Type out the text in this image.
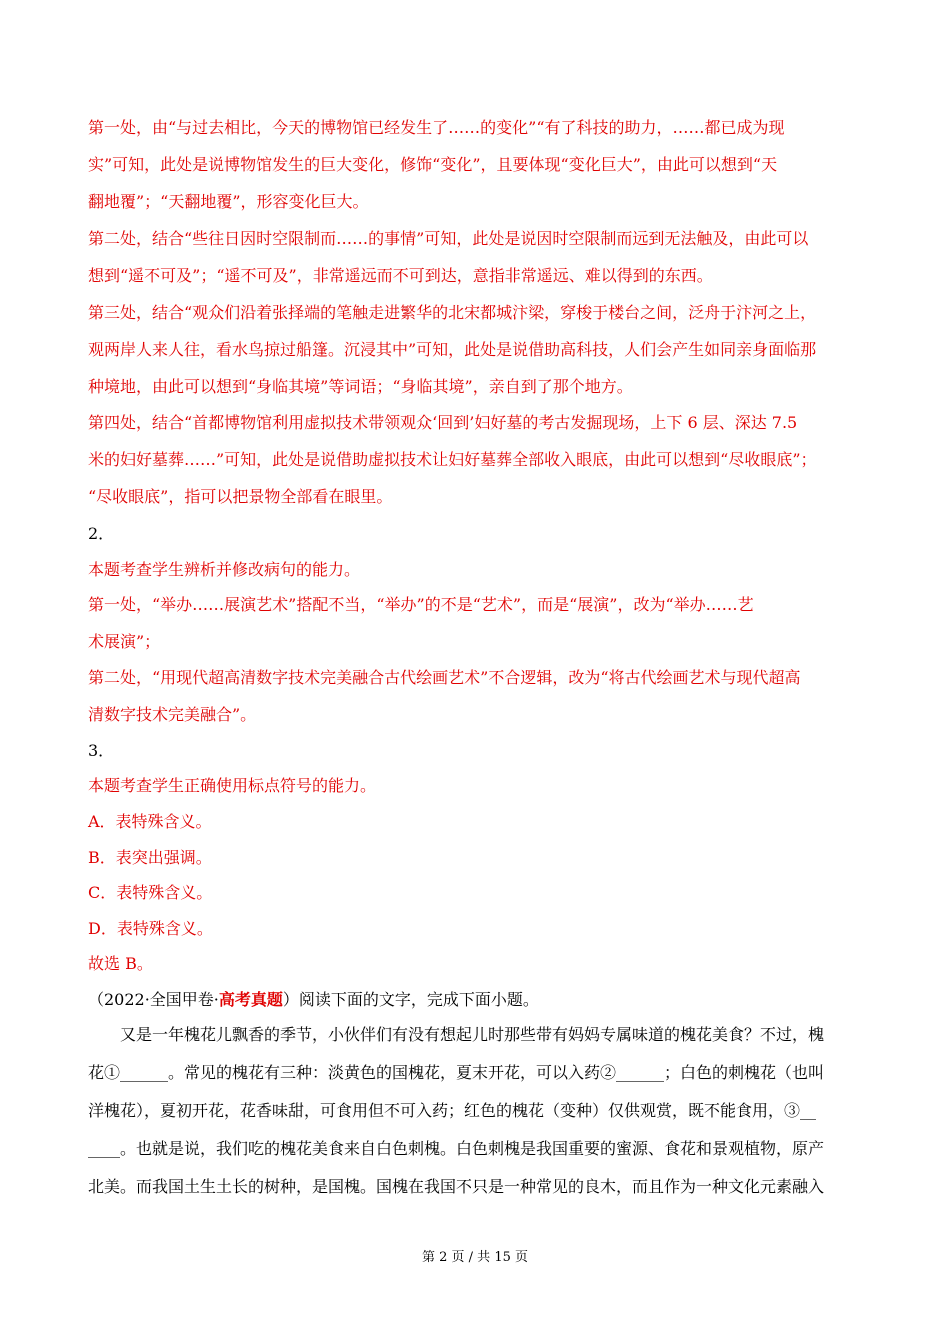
第一处，由“与过去相比，今天的博物馆已经发生了……的变化”“有了科技的助力，……都已成为现
实”可知，此处是说博物馆发生的巨大变化，修饰“变化”，且要体现“变化巨大”，由此可以想到“天
翻地覆”；“天翻地覆”，形容变化巨大。
第二处，结合“些往日因时空限制而……的事情”可知，此处是说因时空限制而远到无法触及，由此可以
想到“遥不可及”；“遥不可及”，非常遥远而不可到达，意指非常遥远、难以得到的东西。
第三处，结合“观众们沿着张择端的笔触走进繁华的北宋都城汴梁，穿梭于楼台之间，泛舟于汴河之上，
观两岸人来人往，看水鸟掠过船篷。沉浸其中”可知，此处是说借助高科技，人们会产生如同亲身面临那
种境地，由此可以想到“身临其境”等词语；“身临其境”，亲自到了那个地方。
第四处，结合“首都博物馆利用虚拟技术带领观众‘回到’妇好墓的考古发掘现场，上下 6 层、深达 7.5
米的妇好墓葬……”可知，此处是说借助虚拟技术让妇好墓葬全部收入眼底，由此可以想到“尽收眼底”；
“尽收眼底”，指可以把景物全部看在眼里。
2．
本题考查学生辨析并修改病句的能力。
第一处，“举办……展演艺术”搭配不当，“举办”的不是“艺术”，而是“展演”，改为“举办……艺
术展演”；
第二处，“用现代超高清数字技术完美融合古代绘画艺术”不合逻辑，改为“将古代绘画艺术与现代超高
清数字技术完美融合”。
3．
本题考查学生正确使用标点符号的能力。
A．表特殊含义。
B．表突出强调。
C．表特殊含义。
D．表特殊含义。
故选 B。
（2022·全国甲卷·高考真题）阅读下面的文字，完成下面小题。
又是一年槐花儿飘香的季节，小伙伴们有没有想起儿时那些带有妈妈专属味道的槐花美食？不过，槐
花①______。常见的槐花有三种：淡黄色的国槐花，夏末开花，可以入药②______；白色的刺槐花（也叫
洋槐花），夏初开花，花香味甜，可食用但不可入药；红色的槐花（变种）仅供观赏，既不能食用，③__
____。也就是说，我们吃的槐花美食来自白色刺槐。白色刺槐是我国重要的蜜源、食花和景观植物，原产
北美。而我国土生土长的树种，是国槐。国槐在我国不只是一种常见的良木，而且作为一种文化元素融入
第 2 页 / 共 15 页
